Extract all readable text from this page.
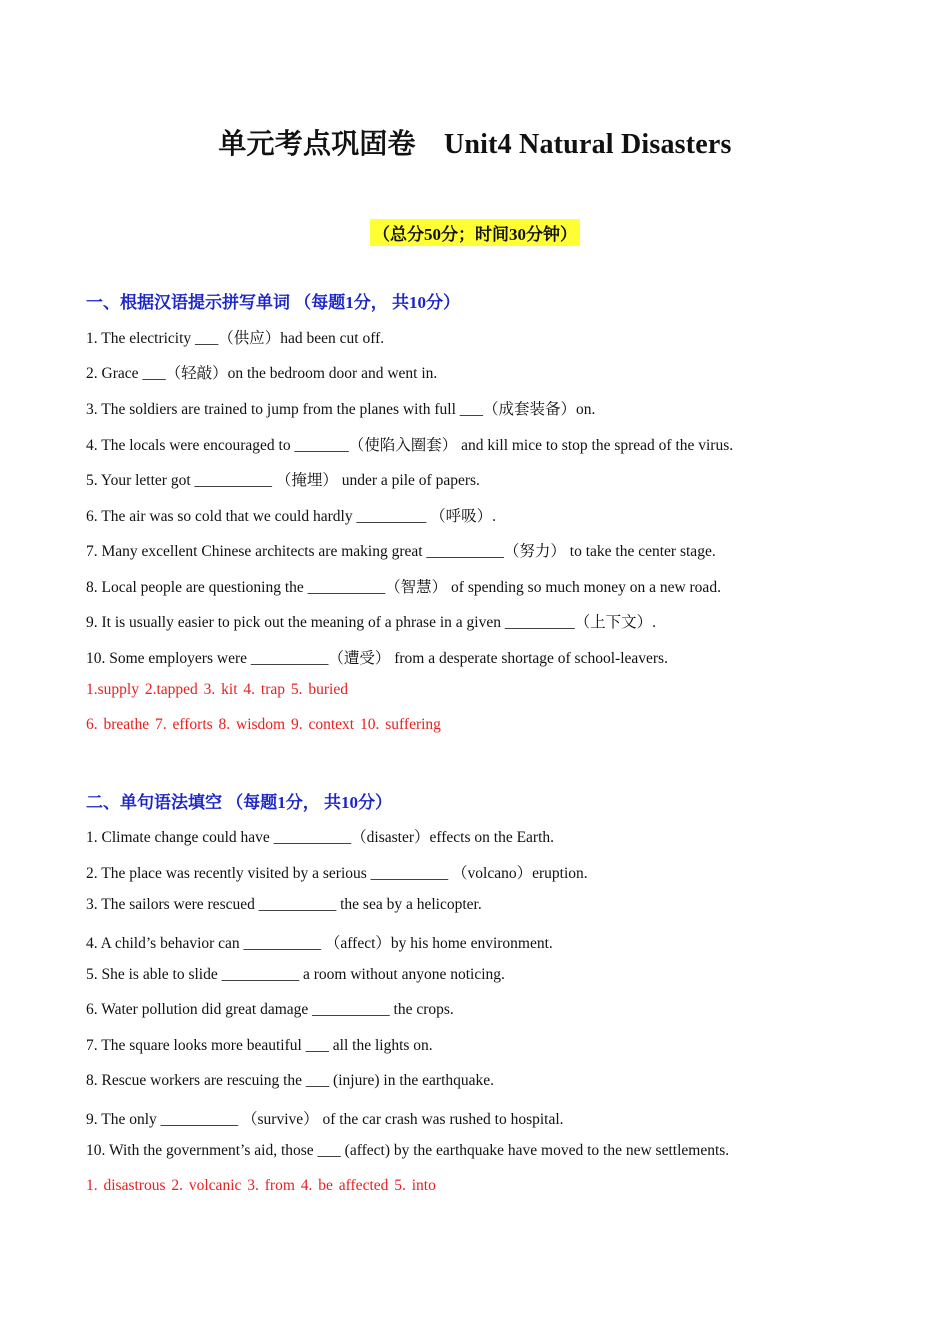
单元考点巩固卷　Unit4 Natural Disasters
（总分50分；时间30分钟）
一、根据汉语提示拼写单词 （每题1分， 共10分）
1. The electricity ___（供应）had been cut off.
2. Grace ___（轻敲）on the bedroom door and went in.
3. The soldiers are trained to jump from the planes with full ___（成套装备）on.
4. The locals were encouraged to _______（使陷入圈套） and kill mice to stop the spread of the virus.
5. Your letter got __________ （掩埋） under a pile of papers.
6. The air was so cold that we could hardly _________ （呼吸）.
7. Many excellent Chinese architects are making great __________（努力） to take the center stage.
8. Local people are questioning the __________（智慧） of spending so much money on a new road.
9. It is usually easier to pick out the meaning of a phrase in a given _________（上下文）.
10. Some employers were __________（遭受） from a desperate shortage of school-leavers.
1.supply 2.tapped 3. kit 4. trap 5. buried
6. breathe 7. efforts 8. wisdom 9. context 10. suffering
二、单句语法填空 （每题1分， 共10分）
1. Climate change could have __________（disaster）effects on the Earth.
2. The place was recently visited by a serious __________ （volcano）eruption.
3. The sailors were rescued __________ the sea by a helicopter.
4. A child’s behavior can __________ （affect）by his home environment.
5. She is able to slide __________ a room without anyone noticing.
6. Water pollution did great damage __________ the crops.
7. The square looks more beautiful ___ all the lights on.
8. Rescue workers are rescuing the ___ (injure) in the earthquake.
9. The only __________ （survive） of the car crash was rushed to hospital.
10. With the government’s aid, those ___ (affect) by the earthquake have moved to the new settlements.
1. disastrous 2. volcanic 3. from 4. be affected 5. into
